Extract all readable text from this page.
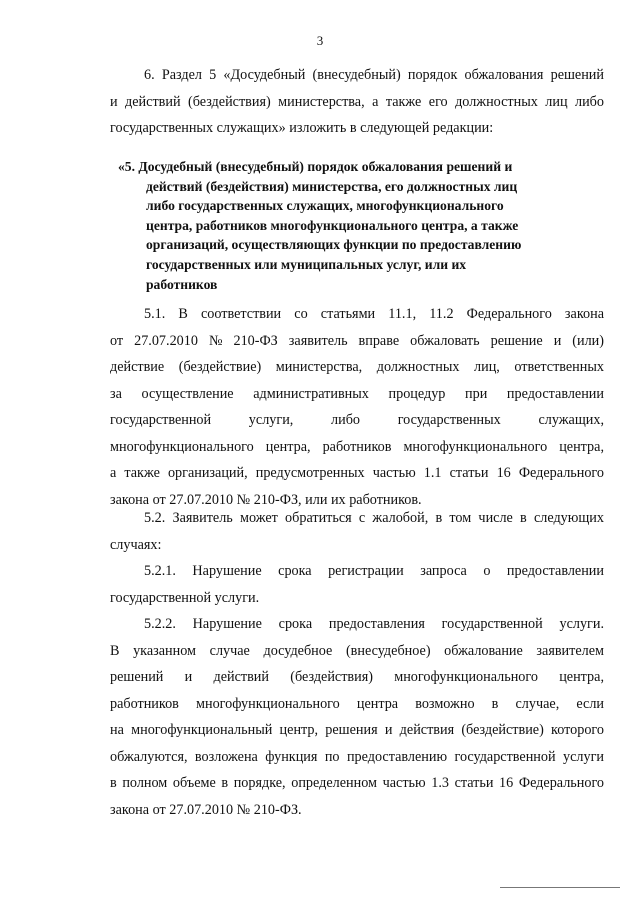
3
6. Раздел 5 «Досудебный (внесудебный) порядок обжалования решений
и действий (бездействия) министерства, а также его должностных лиц либо
государственных служащих» изложить в следующей редакции:
«5. Досудебный (внесудебный) порядок обжалования решений и
действий (бездействия) министерства, его должностных лиц
либо государственных служащих, многофункционального
центра, работников многофункционального центра, а также
организаций, осуществляющих функции по предоставлению
государственных или муниципальных услуг, или их
работников
5.1. В соответствии со статьями 11.1, 11.2 Федерального закона
от 27.07.2010 № 210-ФЗ заявитель вправе обжаловать решение и (или)
действие (бездействие) министерства, должностных лиц, ответственных
за осуществление административных процедур при предоставлении
государственной услуги, либо государственных служащих,
многофункционального центра, работников многофункционального центра,
а также организаций, предусмотренных частью 1.1 статьи 16 Федерального
закона от 27.07.2010 № 210-ФЗ, или их работников.
5.2. Заявитель может обратиться с жалобой, в том числе в следующих
случаях:
5.2.1. Нарушение срока регистрации запроса о предоставлении
государственной услуги.
5.2.2. Нарушение срока предоставления государственной услуги.
В указанном случае досудебное (внесудебное) обжалование заявителем
решений и действий (бездействия) многофункционального центра,
работников многофункционального центра возможно в случае, если
на многофункциональный центр, решения и действия (бездействие) которого
обжалуются, возложена функция по предоставлению государственной услуги
в полном объеме в порядке, определенном частью 1.3 статьи 16 Федерального
закона от 27.07.2010 № 210-ФЗ.
